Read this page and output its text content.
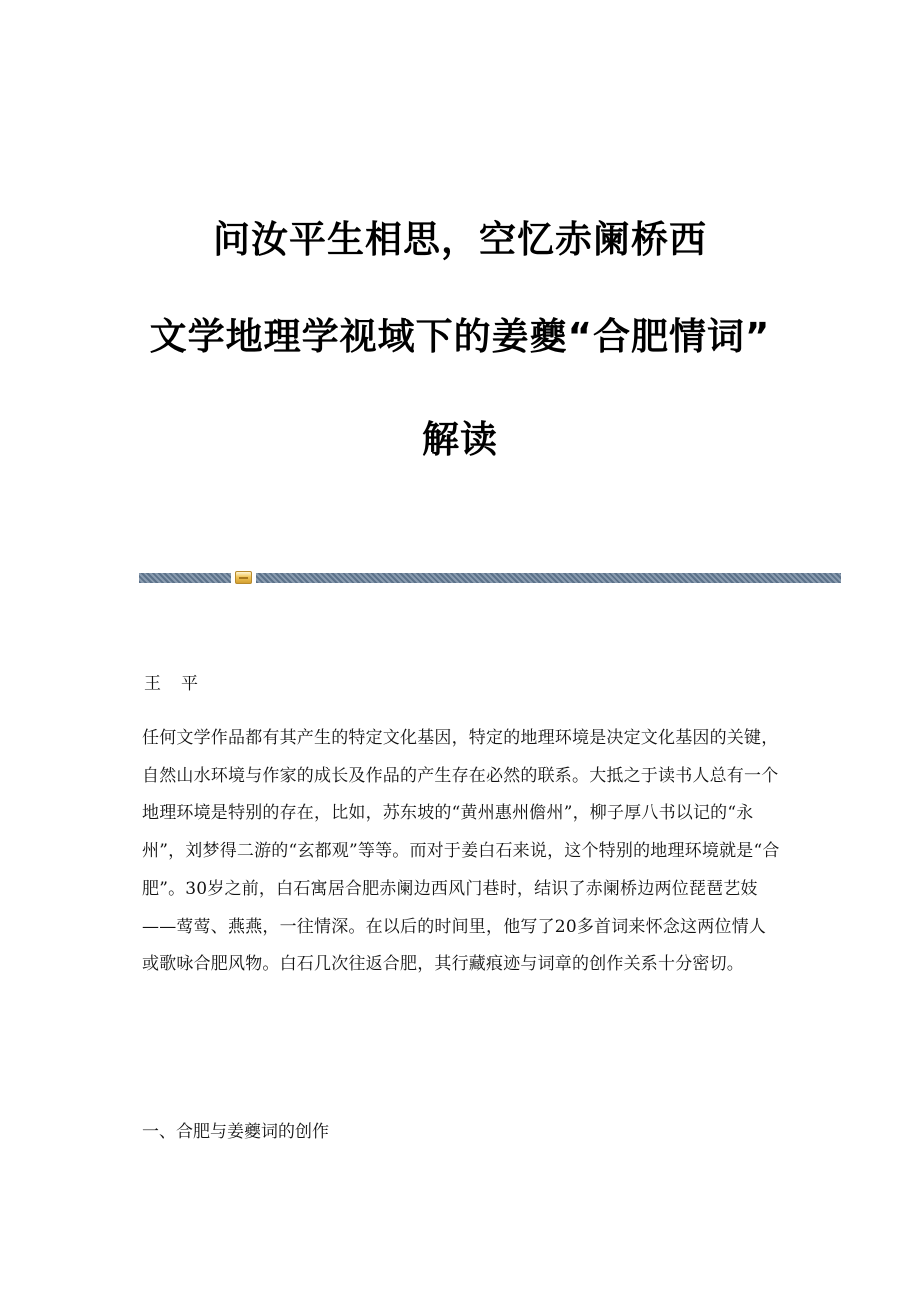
问汝平生相思，空忆赤阑桥西
文学地理学视域下的姜夔“合肥情词”
解读
王平

任何文学作品都有其产生的特定文化基因，特定的地理环境是决定文化基因的关键，自然山水环境与作家的成长及作品的产生存在必然的联系。大抵之于读书人总有一个地理环境是特别的存在，比如，苏东坡的“黄州惠州儋州”，柳子厚八书以记的“永州”，刘梦得二游的“玄都观”等等。而对于姜白石来说，这个特别的地理环境就是“合肥”。30岁之前，白石寓居合肥赤阑边西风门巷时，结识了赤阑桥边两位琵琶艺妓——莺莺、燕燕，一往情深。在以后的时间里，他写了20多首词来怀念这两位情人或歌咏合肥风物。白石几次往返合肥，其行藏痕迹与词章的创作关系十分密切。

一、合肥与姜夔词的创作
